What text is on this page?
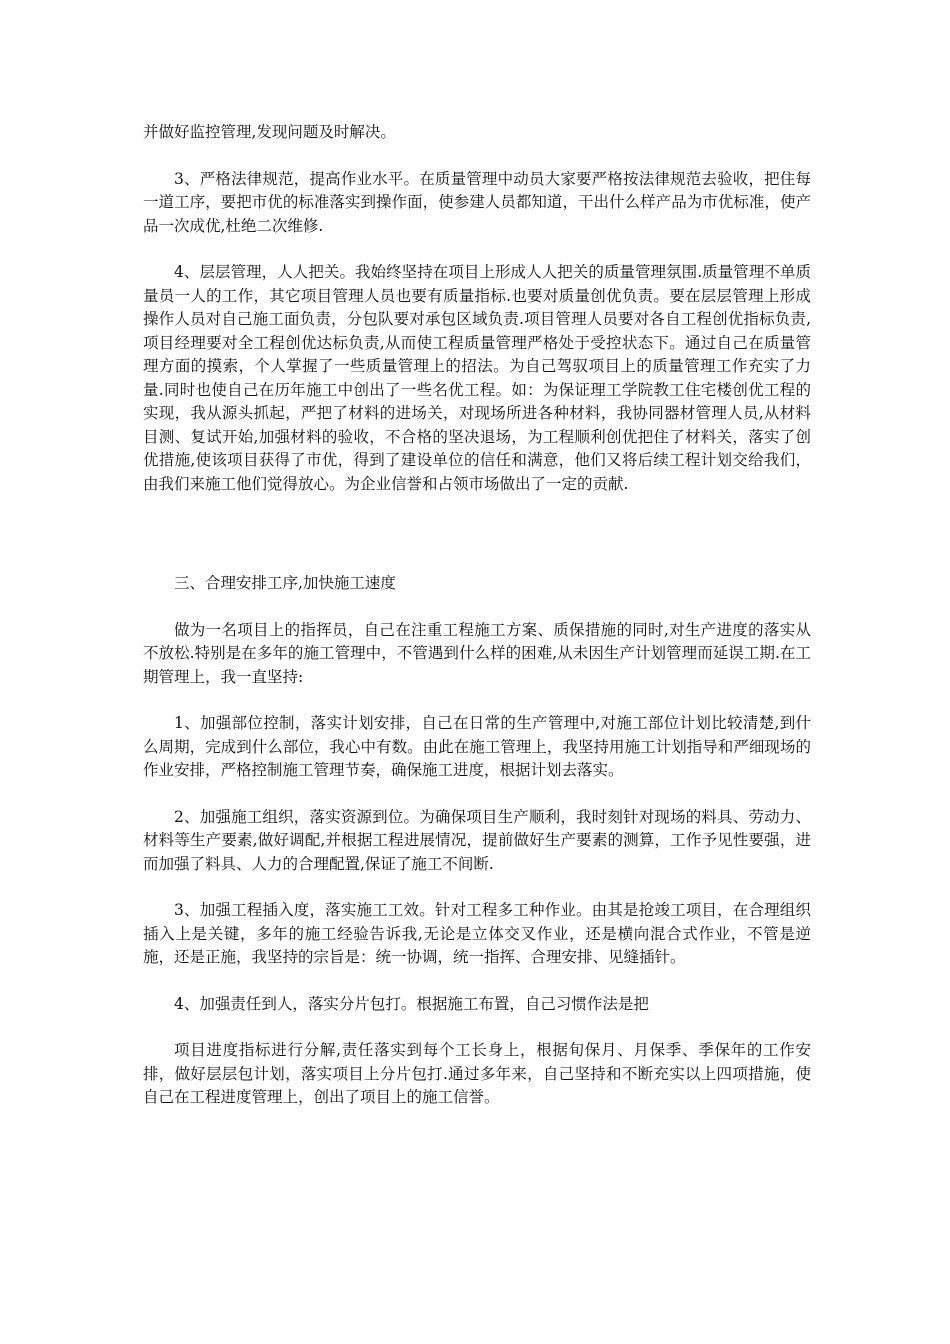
并做好监控管理,发现问题及时解决。

3、严格法律规范，提高作业水平。在质量管理中动员大家要严格按法律规范去验收，把住每一道工序，要把市优的标准落实到操作面，使参建人员都知道，干出什么样产品为市优标准，使产品一次成优,杜绝二次维修.

4、层层管理，人人把关。我始终坚持在项目上形成人人把关的质量管理氛围.质量管理不单质量员一人的工作，其它项目管理人员也要有质量指标.也要对质量创优负责。要在层层管理上形成操作人员对自己施工面负责，分包队要对承包区域负责.项目管理人员要对各自工程创优指标负责,项目经理要对全工程创优达标负责,从而使工程质量管理严格处于受控状态下。通过自己在质量管理方面的摸索，个人掌握了一些质量管理上的招法。为自己驾驭项目上的质量管理工作充实了力量.同时也使自己在历年施工中创出了一些名优工程。如：为保证理工学院教工住宅楼创优工程的实现，我从源头抓起，严把了材料的进场关，对现场所进各种材料，我协同器材管理人员,从材料目测、复试开始,加强材料的验收，不合格的坚决退场，为工程顺利创优把住了材料关，落实了创优措施,使该项目获得了市优，得到了建设单位的信任和满意，他们又将后续工程计划交给我们，由我们来施工他们觉得放心。为企业信誉和占领市场做出了一定的贡献.

三、合理安排工序,加快施工速度

做为一名项目上的指挥员，自己在注重工程施工方案、质保措施的同时,对生产进度的落实从不放松.特别是在多年的施工管理中，不管遇到什么样的困难,从未因生产计划管理而延误工期.在工期管理上，我一直坚持:

1、加强部位控制，落实计划安排，自己在日常的生产管理中,对施工部位计划比较清楚,到什么周期，完成到什么部位，我心中有数。由此在施工管理上，我坚持用施工计划指导和严细现场的作业安排，严格控制施工管理节奏，确保施工进度，根据计划去落实。

2、加强施工组织，落实资源到位。为确保项目生产顺利，我时刻针对现场的料具、劳动力、材料等生产要素,做好调配,并根据工程进展情况，提前做好生产要素的测算，工作予见性要强，进而加强了料具、人力的合理配置,保证了施工不间断.

3、加强工程插入度，落实施工工效。针对工程多工种作业。由其是抢竣工项目，在合理组织插入上是关键，多年的施工经验告诉我,无论是立体交叉作业，还是横向混合式作业，不管是逆施，还是正施，我坚持的宗旨是：统一协调，统一指挥、合理安排、见缝插针。

4、加强责任到人，落实分片包打。根据施工布置，自己习惯作法是把

项目进度指标进行分解,责任落实到每个工长身上，根据旬保月、月保季、季保年的工作安排，做好层层包计划，落实项目上分片包打.通过多年来，自己坚持和不断充实以上四项措施，使自己在工程进度管理上，创出了项目上的施工信誉。
